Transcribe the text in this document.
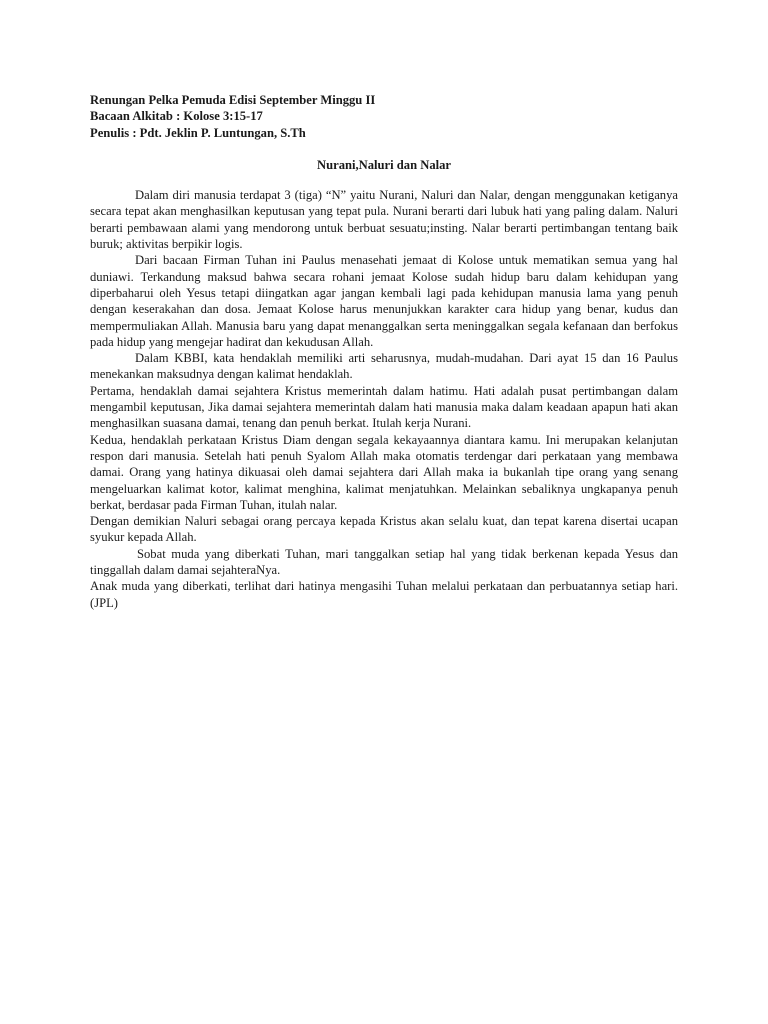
Renungan Pelka Pemuda Edisi September Minggu II

Bacaan Alkitab : Kolose 3:15-17

Penulis : Pdt. Jeklin P. Luntungan, S.Th

Nurani,Naluri dan Nalar

Dalam diri manusia terdapat 3 (tiga) “N” yaitu Nurani, Naluri dan Nalar, dengan menggunakan ketiganya secara tepat akan menghasilkan keputusan yang tepat pula. Nurani berarti dari lubuk hati yang paling dalam. Naluri berarti pembawaan alami yang mendorong untuk berbuat sesuatu;insting. Nalar berarti pertimbangan tentang baik buruk; aktivitas berpikir logis.

Dari bacaan Firman Tuhan ini Paulus menasehati jemaat di Kolose untuk mematikan semua yang hal duniawi. Terkandung maksud bahwa secara rohani jemaat Kolose sudah hidup baru dalam kehidupan yang diperbaharui oleh Yesus tetapi diingatkan agar jangan kembali lagi pada kehidupan manusia lama yang penuh dengan keserakahan dan dosa. Jemaat Kolose harus menunjukkan karakter cara hidup yang benar, kudus dan mempermuliakan Allah. Manusia baru yang dapat menanggalkan serta meninggalkan segala kefanaan dan berfokus pada hidup yang mengejar hadirat dan kekudusan Allah.

Dalam KBBI, kata hendaklah memiliki arti seharusnya, mudah-mudahan. Dari ayat 15 dan 16 Paulus menekankan maksudnya dengan kalimat hendaklah.

Pertama, hendaklah damai sejahtera Kristus memerintah dalam hatimu. Hati adalah pusat pertimbangan dalam mengambil keputusan, Jika damai sejahtera memerintah dalam hati manusia maka dalam keadaan apapun hati akan menghasilkan suasana damai, tenang dan penuh berkat. Itulah kerja Nurani.

Kedua, hendaklah perkataan Kristus Diam dengan segala kekayaannya diantara kamu. Ini merupakan kelanjutan respon dari manusia. Setelah hati penuh Syalom Allah maka otomatis terdengar dari perkataan yang membawa damai. Orang yang hatinya dikuasai oleh damai sejahtera dari Allah maka ia bukanlah tipe orang yang senang mengeluarkan kalimat kotor, kalimat menghina, kalimat menjatuhkan. Melainkan sebaliknya ungkapanya penuh berkat, berdasar pada Firman Tuhan, itulah nalar.

Dengan demikian Naluri sebagai orang percaya kepada Kristus akan selalu kuat, dan tepat karena disertai ucapan syukur kepada Allah.

Sobat muda yang diberkati Tuhan, mari tanggalkan setiap hal yang tidak berkenan kepada Yesus dan tinggallah dalam damai sejahteraNya.

Anak muda yang diberkati, terlihat dari hatinya mengasihi Tuhan melalui perkataan dan perbuatannya setiap hari. (JPL)
